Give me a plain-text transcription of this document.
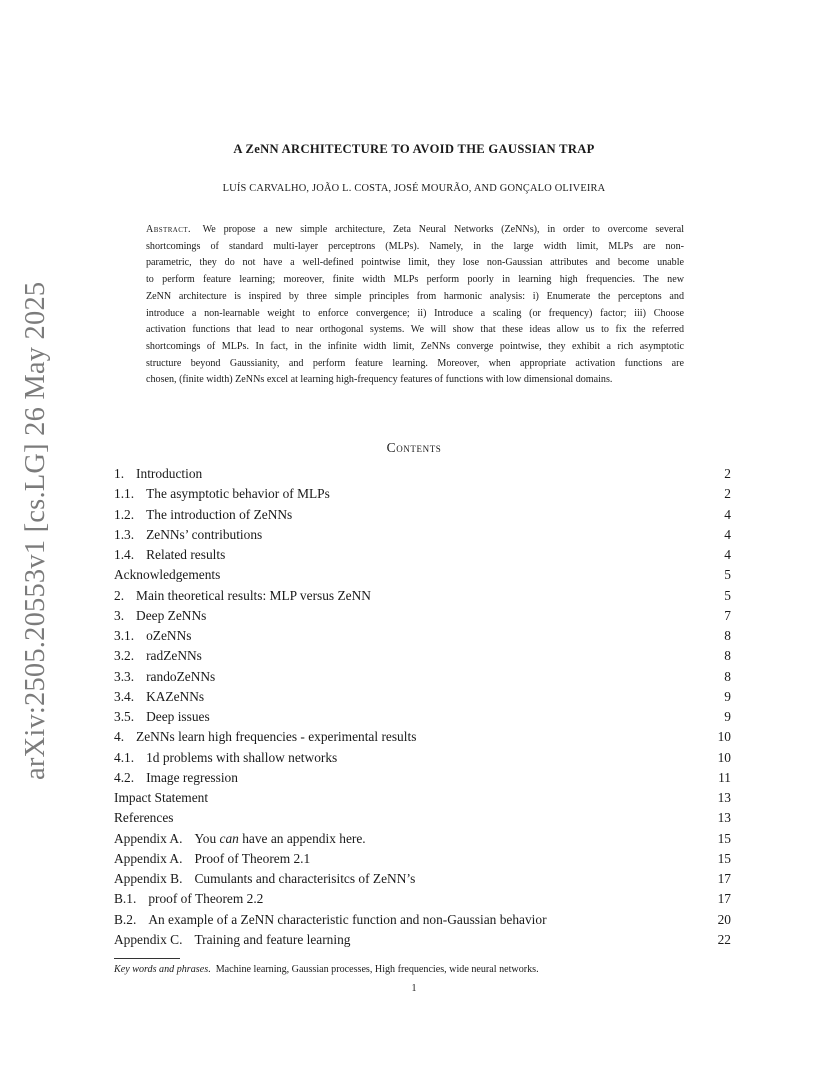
arXiv:2505.20553v1 [cs.LG] 26 May 2025
A ZeNN ARCHITECTURE TO AVOID THE GAUSSIAN TRAP
LUÍS CARVALHO, JOÃO L. COSTA, JOSÉ MOURÃO, AND GONÇALO OLIVEIRA
Abstract. We propose a new simple architecture, Zeta Neural Networks (ZeNNs), in order to overcome several
shortcomings of standard multi-layer perceptrons (MLPs). Namely, in the large width limit, MLPs are non-
parametric, they do not have a well-defined pointwise limit, they lose non-Gaussian attributes and become unable
to perform feature learning; moreover, finite width MLPs perform poorly in learning high frequencies. The new
ZeNN architecture is inspired by three simple principles from harmonic analysis: i) Enumerate the perceptons and
introduce a non-learnable weight to enforce convergence; ii) Introduce a scaling (or frequency) factor; iii) Choose
activation functions that lead to near orthogonal systems. We will show that these ideas allow us to fix the referred
shortcomings of MLPs. In fact, in the infinite width limit, ZeNNs converge pointwise, they exhibit a rich asymptotic
structure beyond Gaussianity, and perform feature learning. Moreover, when appropriate activation functions are
chosen, (finite width) ZeNNs excel at learning high-frequency features of functions with low dimensional domains.
Contents
1. Introduction	2
1.1. The asymptotic behavior of MLPs	2
1.2. The introduction of ZeNNs	4
1.3. ZeNNs’ contributions	4
1.4. Related results	4
Acknowledgements	5
2. Main theoretical results: MLP versus ZeNN	5
3. Deep ZeNNs	7
3.1. oZeNNs	8
3.2. radZeNNs	8
3.3. randoZeNNs	8
3.4. KAZeNNs	9
3.5. Deep issues	9
4. ZeNNs learn high frequencies - experimental results	10
4.1. 1d problems with shallow networks	10
4.2. Image regression	11
Impact Statement	13
References	13
Appendix A. You can have an appendix here.	15
Appendix A. Proof of Theorem 2.1	15
Appendix B. Cumulants and characterisitcs of ZeNN’s	17
B.1. proof of Theorem 2.2	17
B.2. An example of a ZeNN characteristic function and non-Gaussian behavior	20
Appendix C. Training and feature learning	22
Key words and phrases.  Machine learning, Gaussian processes, High frequencies, wide neural networks.
1
